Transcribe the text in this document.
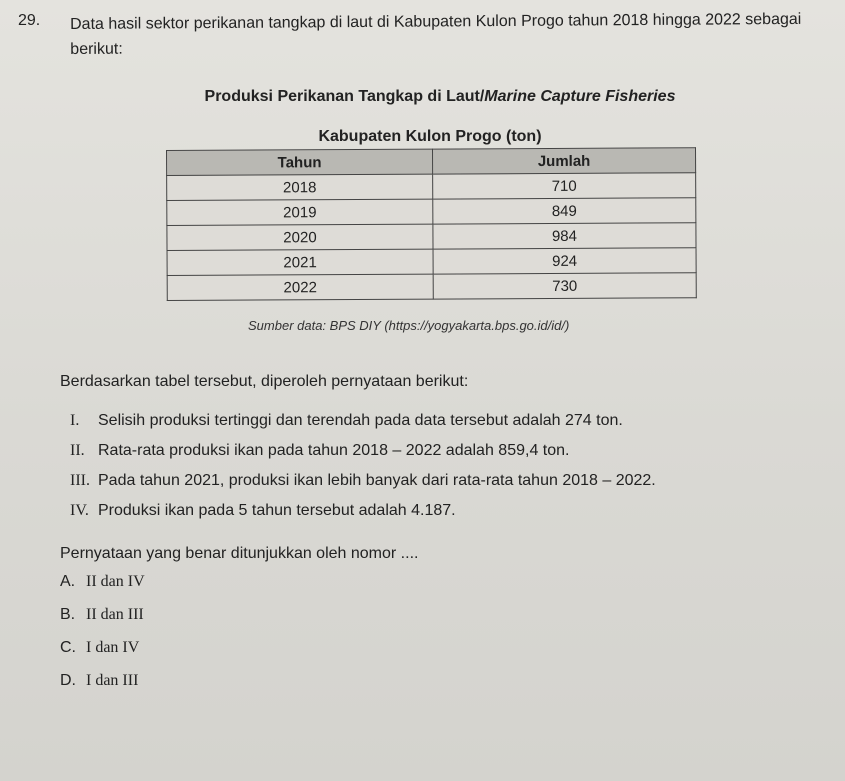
29. Data hasil sektor perikanan tangkap di laut di Kabupaten Kulon Progo tahun 2018 hingga 2022 sebagai berikut:
Produksi Perikanan Tangkap di Laut/Marine Capture Fisheries
Kabupaten Kulon Progo (ton)
Tahun	Jumlah
2018	710
2019	849
2020	984
2021	924
2022	730
Sumber data: BPS DIY (https://yogyakarta.bps.go.id/id/)
Berdasarkan tabel tersebut, diperoleh pernyataan berikut:
I.	Selisih produksi tertinggi dan terendah pada data tersebut adalah 274 ton.
II. Rata-rata produksi ikan pada tahun 2018 – 2022 adalah 859,4 ton.
III. Pada tahun 2021, produksi ikan lebih banyak dari rata-rata tahun 2018 – 2022.
IV. Produksi ikan pada 5 tahun tersebut adalah 4.187.
Pernyataan yang benar ditunjukkan oleh nomor ....
A. II dan IV
B. II dan III
C. I dan IV
D. I dan III
